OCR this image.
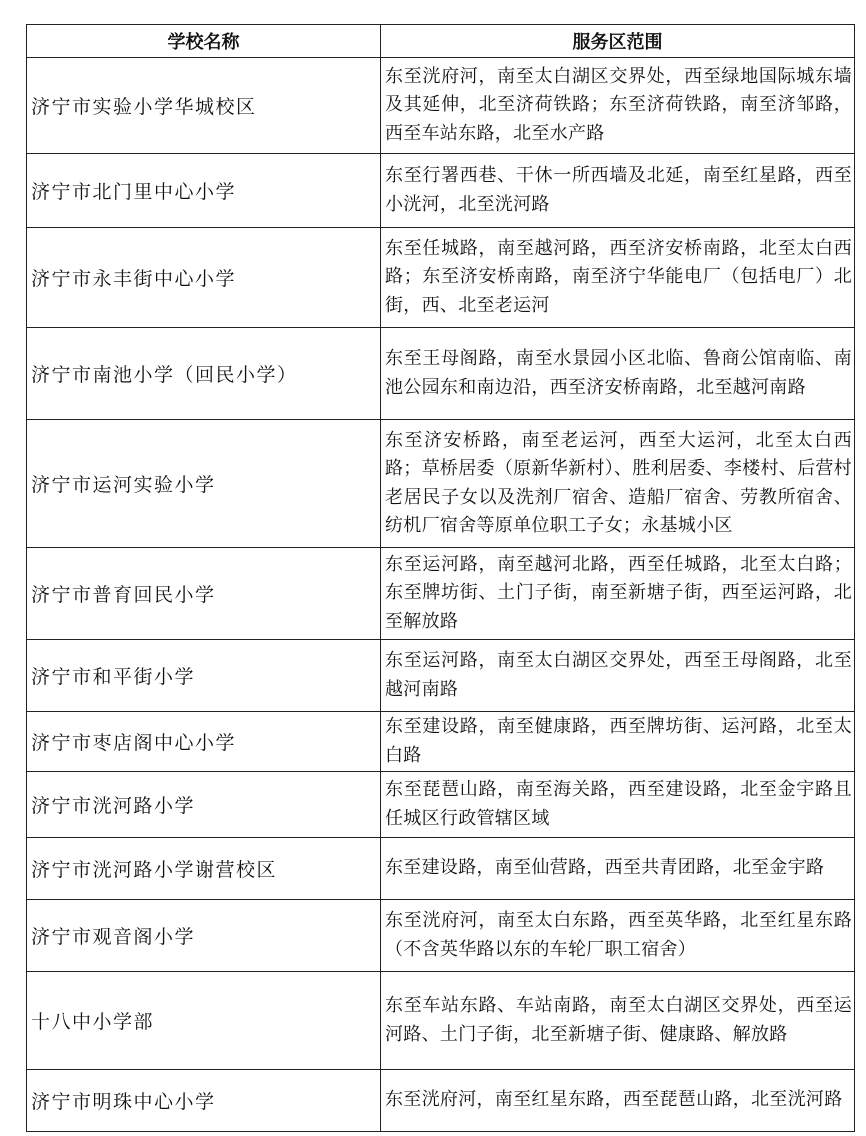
学校名称	服务区范围
济宁市实验小学华城校区	东至洸府河，南至太白湖区交界处，西至绿地国际城东墙及其延伸，北至济荷铁路；东至济荷铁路，南至济邹路，西至车站东路，北至水产路
济宁市北门里中心小学	东至行署西巷、干休一所西墙及北延，南至红星路，西至小洸河，北至洸河路
济宁市永丰街中心小学	东至任城路，南至越河路，西至济安桥南路，北至太白西路；东至济安桥南路，南至济宁华能电厂（包括电厂）北街，西、北至老运河
济宁市南池小学（回民小学）	东至王母阁路，南至水景园小区北临、鲁商公馆南临、南池公园东和南边沿，西至济安桥南路，北至越河南路
济宁市运河实验小学	东至济安桥路，南至老运河，西至大运河，北至太白西路；草桥居委（原新华新村）、胜利居委、李楼村、后营村老居民子女以及洗剂厂宿舍、造船厂宿舍、劳教所宿舍、纺机厂宿舍等原单位职工子女；永基城小区
济宁市普育回民小学	东至运河路，南至越河北路，西至任城路，北至太白路；东至牌坊街、土门子街，南至新塘子街，西至运河路，北至解放路
济宁市和平街小学	东至运河路，南至太白湖区交界处，西至王母阁路，北至越河南路
济宁市枣店阁中心小学	东至建设路，南至健康路，西至牌坊街、运河路，北至太白路
济宁市洸河路小学	东至琵琶山路，南至海关路，西至建设路，北至金宇路且任城区行政管辖区域
济宁市洸河路小学谢营校区	东至建设路，南至仙营路，西至共青团路，北至金宇路
济宁市观音阁小学	东至洸府河，南至太白东路，西至英华路，北至红星东路（不含英华路以东的车轮厂职工宿舍）
十八中小学部	东至车站东路、车站南路，南至太白湖区交界处，西至运河路、土门子街，北至新塘子街、健康路、解放路
济宁市明珠中心小学	东至洸府河，南至红星东路，西至琵琶山路，北至洸河路
